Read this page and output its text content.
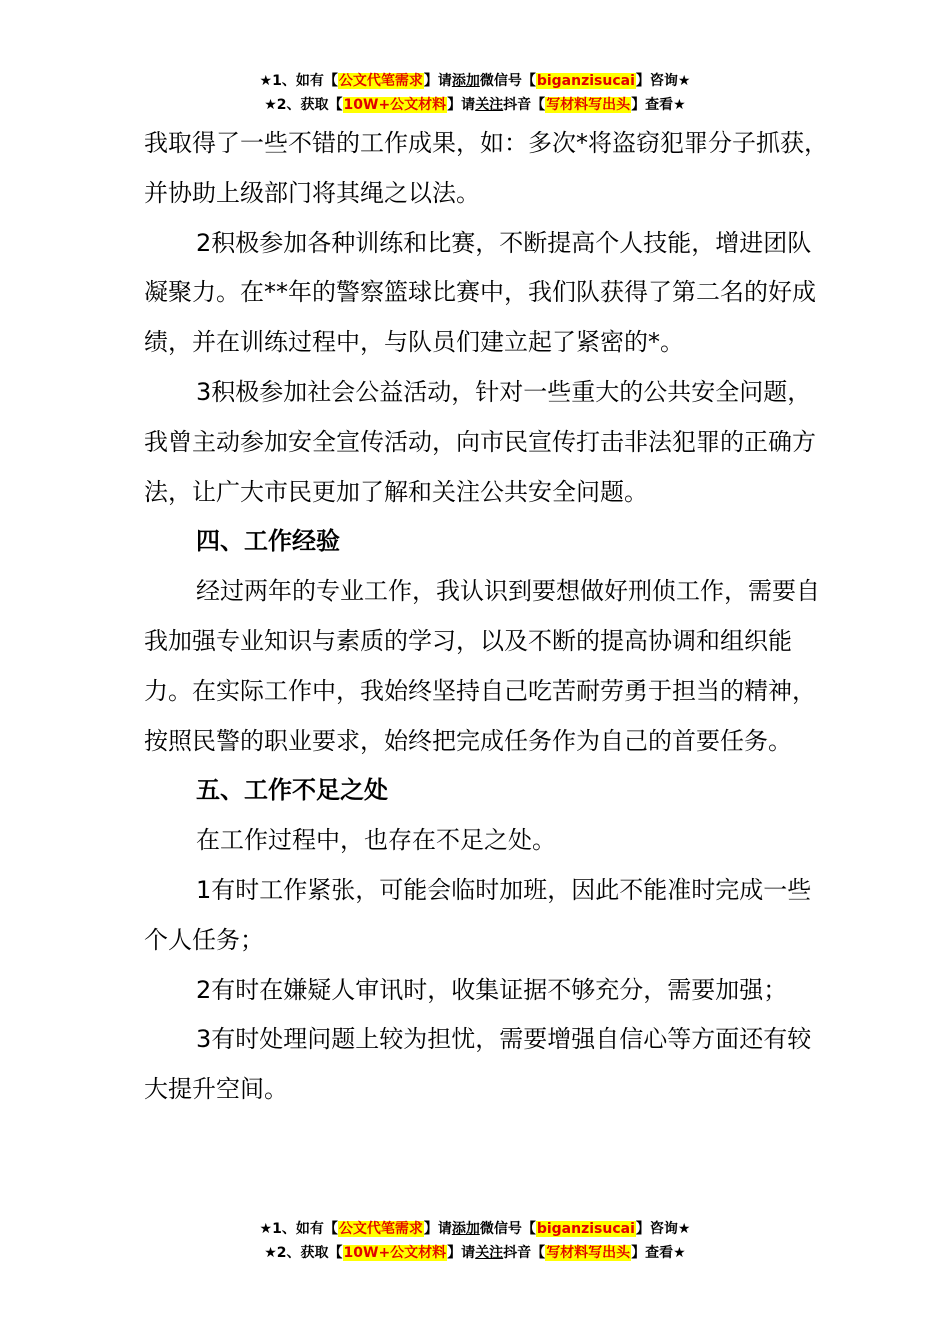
★1、如有【公文代笔需求】请添加微信号【biganzisucai】咨询★
★2、获取【10W+公文材料】请关注抖音【写材料写出头】查看★

我取得了一些不错的工作成果，如：多次*将盗窃犯罪分子抓获，并协助上级部门将其绳之以法。

2积极参加各种训练和比赛，不断提高个人技能，增进团队凝聚力。在**年的警察篮球比赛中，我们队获得了第二名的好成绩，并在训练过程中，与队员们建立起了紧密的*。

3积极参加社会公益活动，针对一些重大的公共安全问题，我曾主动参加安全宣传活动，向市民宣传打击非法犯罪的正确方法，让广大市民更加了解和关注公共安全问题。

四、工作经验

经过两年的专业工作，我认识到要想做好刑侦工作，需要自我加强专业知识与素质的学习，以及不断的提高协调和组织能力。在实际工作中，我始终坚持自己吃苦耐劳勇于担当的精神，按照民警的职业要求，始终把完成任务作为自己的首要任务。

五、工作不足之处

在工作过程中，也存在不足之处。

1有时工作紧张，可能会临时加班，因此不能准时完成一些个人任务；

2有时在嫌疑人审讯时，收集证据不够充分，需要加强；

3有时处理问题上较为担忧，需要增强自信心等方面还有较大提升空间。

★1、如有【公文代笔需求】请添加微信号【biganzisucai】咨询★
★2、获取【10W+公文材料】请关注抖音【写材料写出头】查看★
